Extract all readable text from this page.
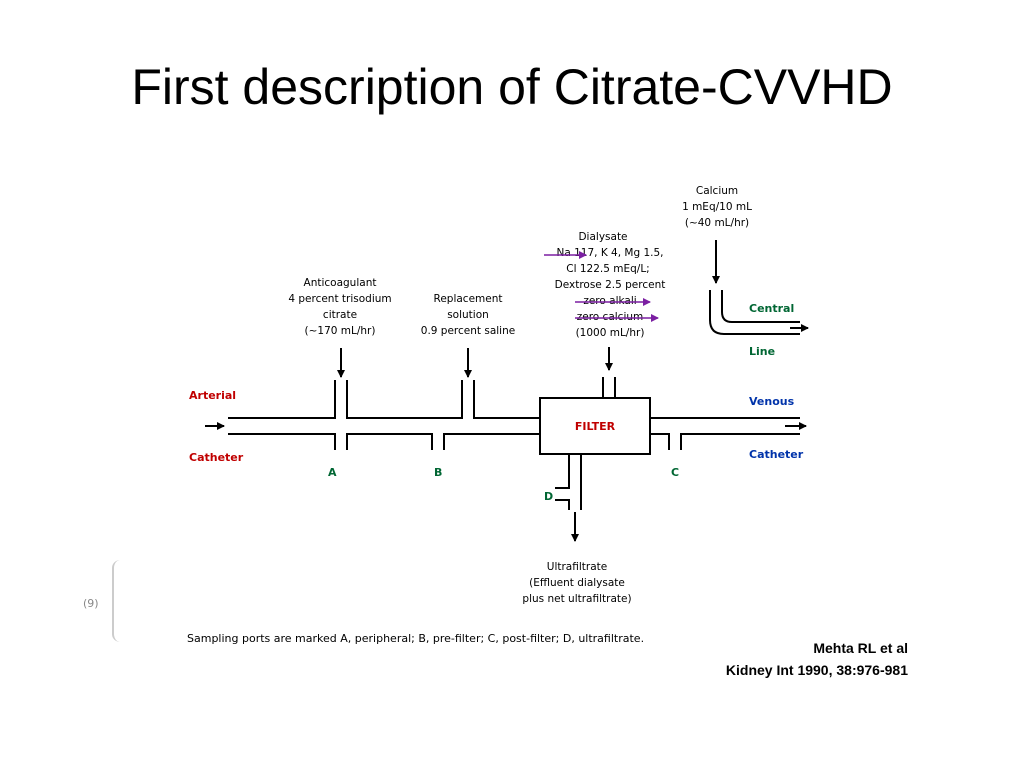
First description of Citrate-CVVHD
Calcium
1 mEq/10 mL
(~40 mL/hr)
Dialysate
Na 117, K 4, Mg 1.5,
Cl 122.5 mEq/L;
Dextrose 2.5 percent
zero alkali
zero calcium
(1000 mL/hr)
Anticoagulant
4 percent trisodium
citrate
(~170 mL/hr)
Replacement
solution
0.9 percent saline
FILTER
Arterial
Catheter
Venous
Catheter
Central
Line
A	B	C
D
Ultrafiltrate
(Effluent dialysate
plus net ultrafiltrate)
(9)
Sampling ports are marked A, peripheral; B, pre-filter; C, post-filter; D, ultrafiltrate.
Mehta RL et al
Kidney Int 1990, 38:976-981
